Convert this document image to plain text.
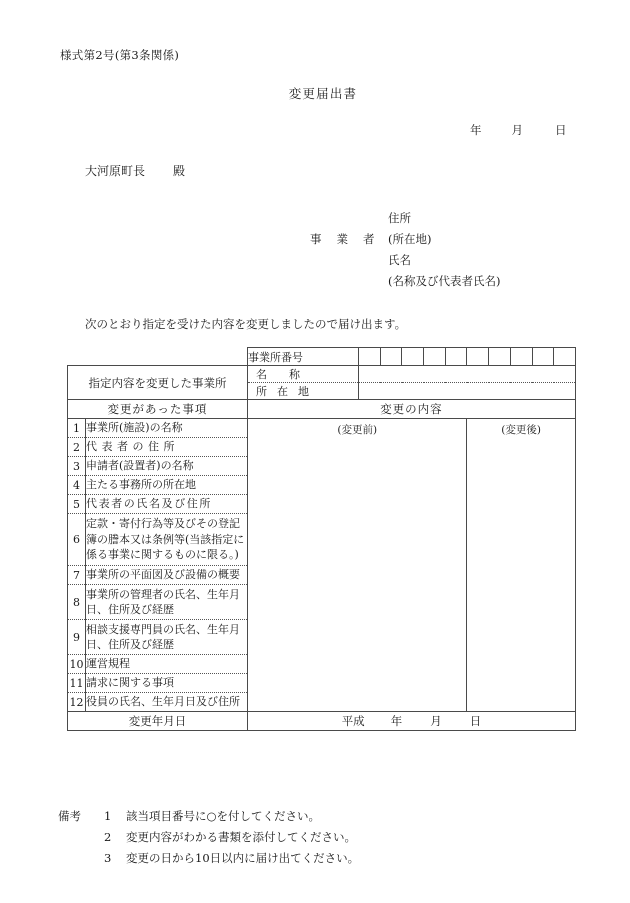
様式第2号(第3条関係)
変更届出書
年	月	日
大河原町長 殿
住所
事業者
(所在地)
氏名
(名称及び代表者氏名)
次のとおり指定を受けた内容を変更しましたので届け出ます。
		事業所番号										
指定内容を変更した事業所		名称										
		所在地										
変更があった事項		変更の内容										
1	事業所(施設)の名称	(変更前)						(変更後)				
2	代表者の住所											
3	申請者(設置者)の名称											
4	主たる事務所の所在地											
5	代表者の氏名及び住所											
6	定款・寄付行為等及びその登記簿の謄本又は条例等(当該指定に係る事業に関するものに限る。)											
7	事業所の平面図及び設備の概要											
8	事業所の管理者の氏名、生年月日、住所及び経歴											
9	相談支援専門員の氏名、生年月日、住所及び経歴											
10	運営規程											
11	請求に関する事項											
12	役員の氏名、生年月日及び住所											
変更年月日		平成 年 月 日										
備考 1 該当項目番号に○を付してください。
2 変更内容がわかる書類を添付してください。
3 変更の日から10日以内に届け出てください。
